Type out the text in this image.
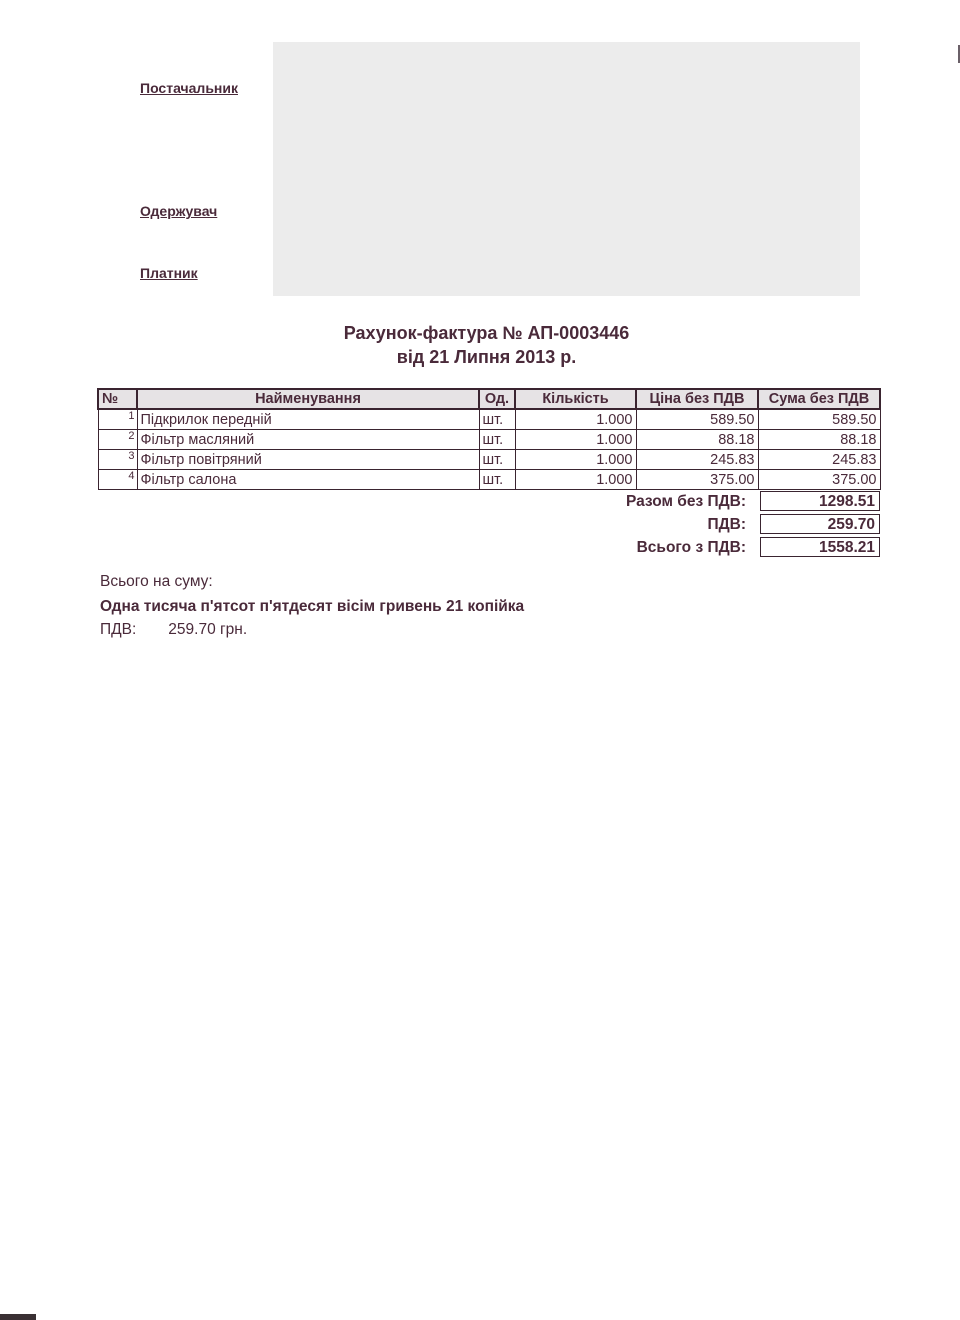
Постачальник
Одержувач
Платник
Рахунок-фактура № АП-0003446
від 21 Липня 2013 р.
№	Найменування	Од.	Кількість	Ціна без ПДВ	Сума без ПДВ
1	Підкрилок передній	шт.	1.000	589.50	589.50
2	Фільтр масляний	шт.	1.000	88.18	88.18
3	Фільтр повітряний	шт.	1.000	245.83	245.83
4	Фільтр салона	шт.	1.000	375.00	375.00
Разом без ПДВ:	1298.51
ПДВ:	259.70
Всього з ПДВ:	1558.21
Всього на суму:
Одна тисяча п'ятсот п'ятдесят вісім гривень 21 копійка
ПДВ: 259.70 грн.
